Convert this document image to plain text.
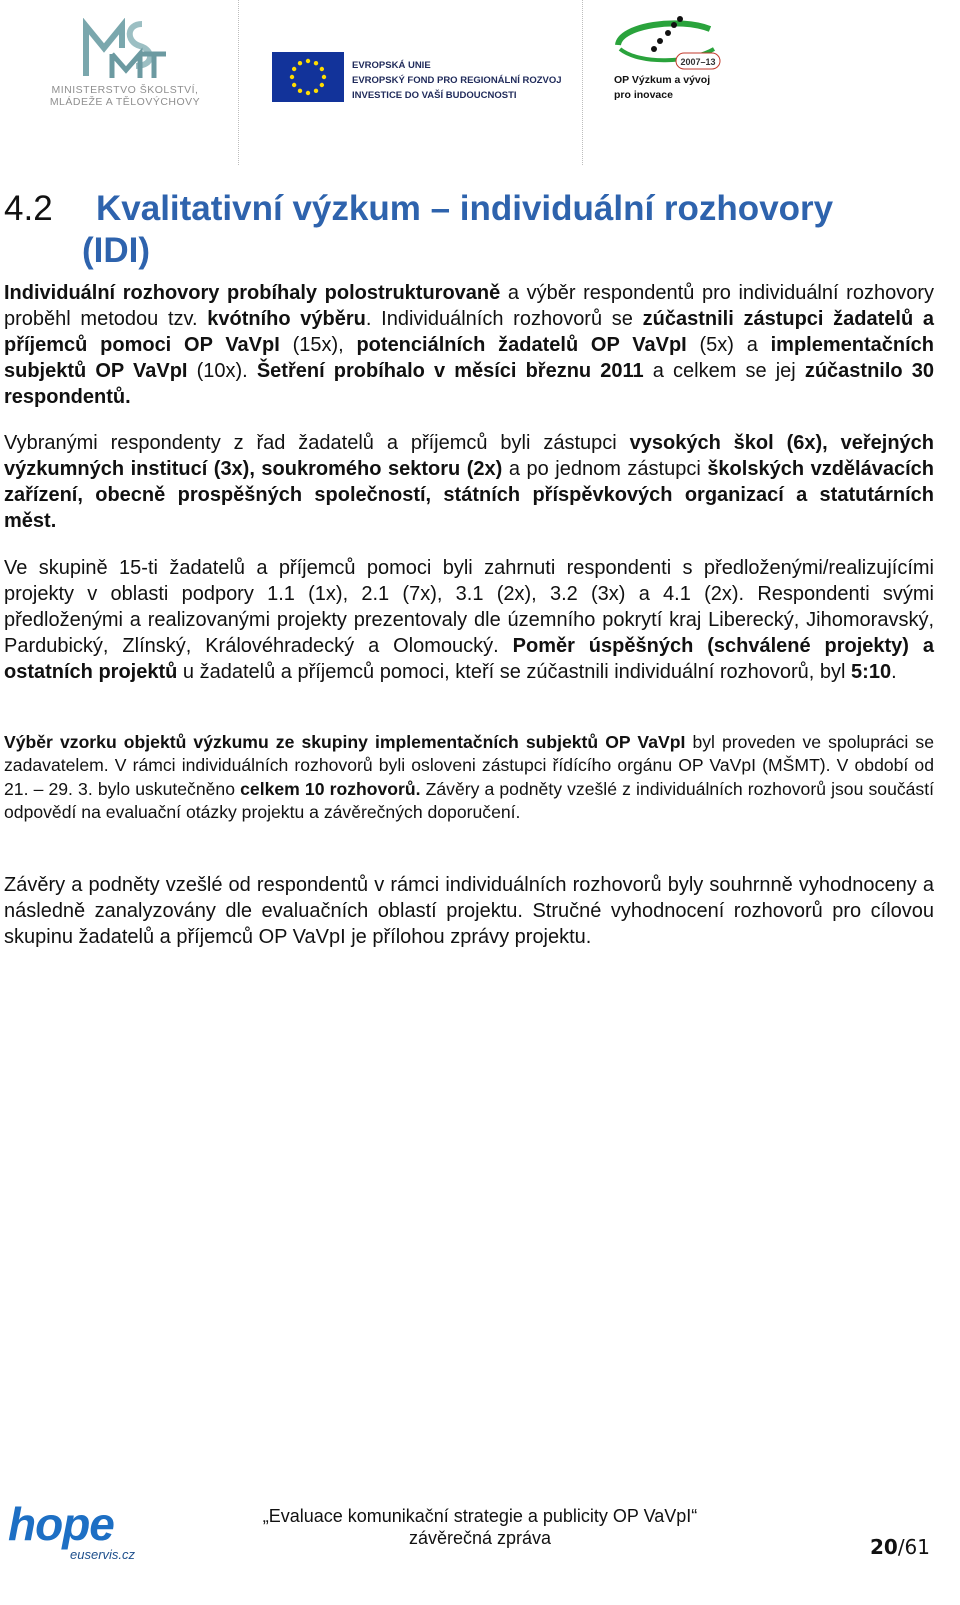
MINISTERSTVO ŠKOLSTVÍ,
MLÁDEŽE A TĚLOVÝCHOVY
EVROPSKÁ UNIE
EVROPSKÝ FOND PRO REGIONÁLNÍ ROZVOJ
INVESTICE DO VAŠÍ BUDOUCNOSTI
2007–13
OP Výzkum a vývoj
pro inovace
4.2 Kvalitativní výzkum – individuální rozhovory
(IDI)

Individuální rozhovory probíhaly polostrukturovaně a výběr respondentů pro individuální rozhovory proběhl metodou tzv. kvótního výběru. Individuálních rozhovorů se zúčastnili zástupci žadatelů a příjemců pomoci OP VaVpI (15x), potenciálních žadatelů OP VaVpI (5x) a implementačních subjektů OP VaVpI (10x). Šetření probíhalo v měsíci březnu 2011 a celkem se jej zúčastnilo 30 respondentů.

Vybranými respondenty z řad žadatelů a příjemců byli zástupci vysokých škol (6x), veřejných výzkumných institucí (3x), soukromého sektoru (2x) a po jednom zástupci školských vzdělávacích zařízení, obecně prospěšných společností, státních příspěvkových organizací a statutárních měst.

Ve skupině 15-ti žadatelů a příjemců pomoci byli zahrnuti respondenti s předloženými/realizujícími projekty v oblasti podpory 1.1 (1x), 2.1 (7x), 3.1 (2x), 3.2 (3x) a 4.1 (2x). Respondenti svými předloženými a realizovanými projekty prezentovaly dle územního pokrytí kraj Liberecký, Jihomoravský, Pardubický, Zlínský, Královéhradecký a Olomoucký. Poměr úspěšných (schválené projekty) a ostatních projektů u žadatelů a příjemců pomoci, kteří se zúčastnili individuální rozhovorů, byl 5:10.

Výběr vzorku objektů výzkumu ze skupiny implementačních subjektů OP VaVpI byl proveden ve spolupráci se zadavatelem. V rámci individuálních rozhovorů byli osloveni zástupci řídícího orgánu OP VaVpI (MŠMT). V období od 21. – 29. 3. bylo uskutečněno celkem 10 rozhovorů. Závěry a podněty vzešlé z individuálních rozhovorů jsou součástí odpovědí na evaluační otázky projektu a závěrečných doporučení.

Závěry a podněty vzešlé od respondentů v rámci individuálních rozhovorů byly souhrnně vyhodnoceny a následně zanalyzovány dle evaluačních oblastí projektu. Stručné vyhodnocení rozhovorů pro cílovou skupinu žadatelů a příjemců OP VaVpI je přílohou zprávy projektu.

hope
euservis.cz
„Evaluace komunikační strategie a publicity OP VaVpI“
závěrečná zpráva	20/61
